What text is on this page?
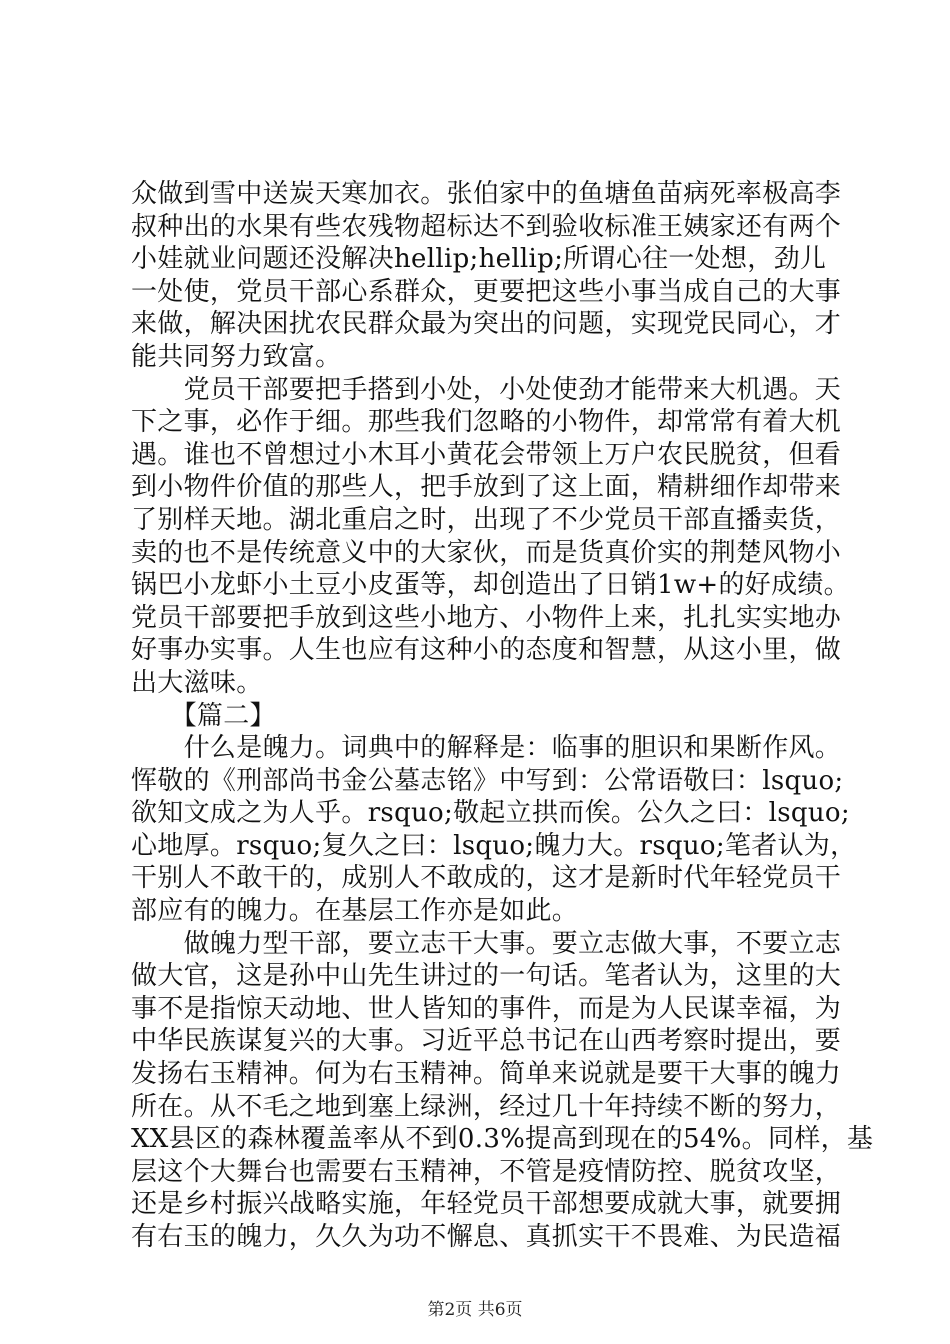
众做到雪中送炭天寒加衣。张伯家中的鱼塘鱼苗病死率极高李
叔种出的水果有些农残物超标达不到验收标准王姨家还有两个
小娃就业问题还没解决hellip;hellip;所谓心往一处想，劲儿
一处使，党员干部心系群众，更要把这些小事当成自己的大事
来做，解决困扰农民群众最为突出的问题，实现党民同心，才
能共同努力致富。
　　党员干部要把手搭到小处，小处使劲才能带来大机遇。天
下之事，必作于细。那些我们忽略的小物件，却常常有着大机
遇。谁也不曾想过小木耳小黄花会带领上万户农民脱贫，但看
到小物件价值的那些人，把手放到了这上面，精耕细作却带来
了别样天地。湖北重启之时，出现了不少党员干部直播卖货，
卖的也不是传统意义中的大家伙，而是货真价实的荆楚风物小
锅巴小龙虾小土豆小皮蛋等，却创造出了日销1w+的好成绩。
党员干部要把手放到这些小地方、小物件上来，扎扎实实地办
好事办实事。人生也应有这种小的态度和智慧，从这小里，做
出大滋味。
　　【篇二】
　　什么是魄力。词典中的解释是：临事的胆识和果断作风。
恽敬的《刑部尚书金公墓志铭》中写到：公常语敬曰：lsquo;
欲知文成之为人乎。rsquo;敬起立拱而俟。公久之曰：lsquo;
心地厚。rsquo;复久之曰：lsquo;魄力大。rsquo;笔者认为，
干别人不敢干的，成别人不敢成的，这才是新时代年轻党员干
部应有的魄力。在基层工作亦是如此。
　　做魄力型干部，要立志干大事。要立志做大事，不要立志
做大官，这是孙中山先生讲过的一句话。笔者认为，这里的大
事不是指惊天动地、世人皆知的事件，而是为人民谋幸福，为
中华民族谋复兴的大事。习近平总书记在山西考察时提出，要
发扬右玉精神。何为右玉精神。简单来说就是要干大事的魄力
所在。从不毛之地到塞上绿洲，经过几十年持续不断的努力，
XX县区的森林覆盖率从不到0.3%提高到现在的54%。同样，基
层这个大舞台也需要右玉精神，不管是疫情防控、脱贫攻坚，
还是乡村振兴战略实施，年轻党员干部想要成就大事，就要拥
有右玉的魄力，久久为功不懈息、真抓实干不畏难、为民造福
第2页 共6页
